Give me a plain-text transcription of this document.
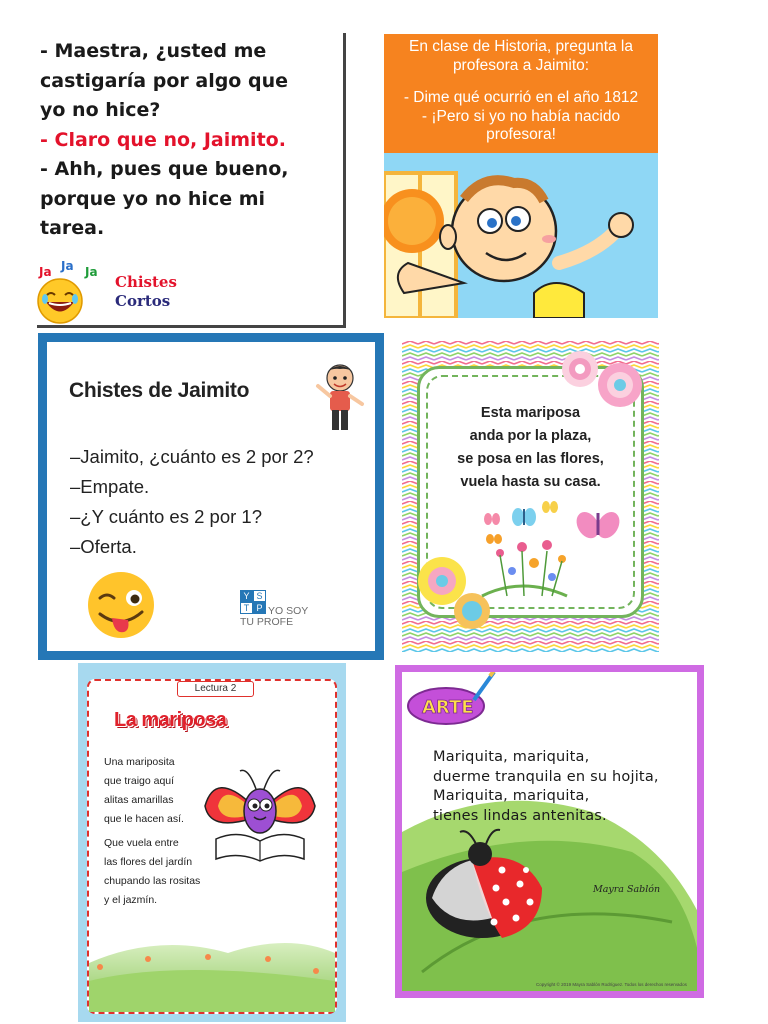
- Maestra, ¿usted me
castigaría por algo que
yo no hice?
- Claro que no, Jaimito.
- Ahh, pues que bueno,
porque yo no hice mi
tarea.
Ja Ja Ja
Chistes
Cortos
En clase de Historia, pregunta la
profesora a Jaimito:
- Dime qué ocurrió en el año 1812
- ¡Pero si yo no había nacido
profesora!
Chistes de Jaimito
–Jaimito, ¿cuánto es 2 por 2?
–Empate.
–¿Y cuánto es 2 por 1?
–Oferta.
Y S
T P YO SOY
TU PROFE
Esta mariposa
anda por la plaza,
se posa en las flores,
vuela hasta su casa.
Lectura 2
La mariposa
Una mariposita
que traigo aquí
alitas amarillas
que le hacen así.
Que vuela entre
las flores del jardín
chupando las rositas
y el jazmín.
ARTE
Mariquita, mariquita,
duerme tranquila en su hojita,
Mariquita, mariquita,
tienes lindas antenitas.
Mayra Sablón
Copyright © 2019 Mayra Sablón Rodríguez. Todos los derechos reservados
